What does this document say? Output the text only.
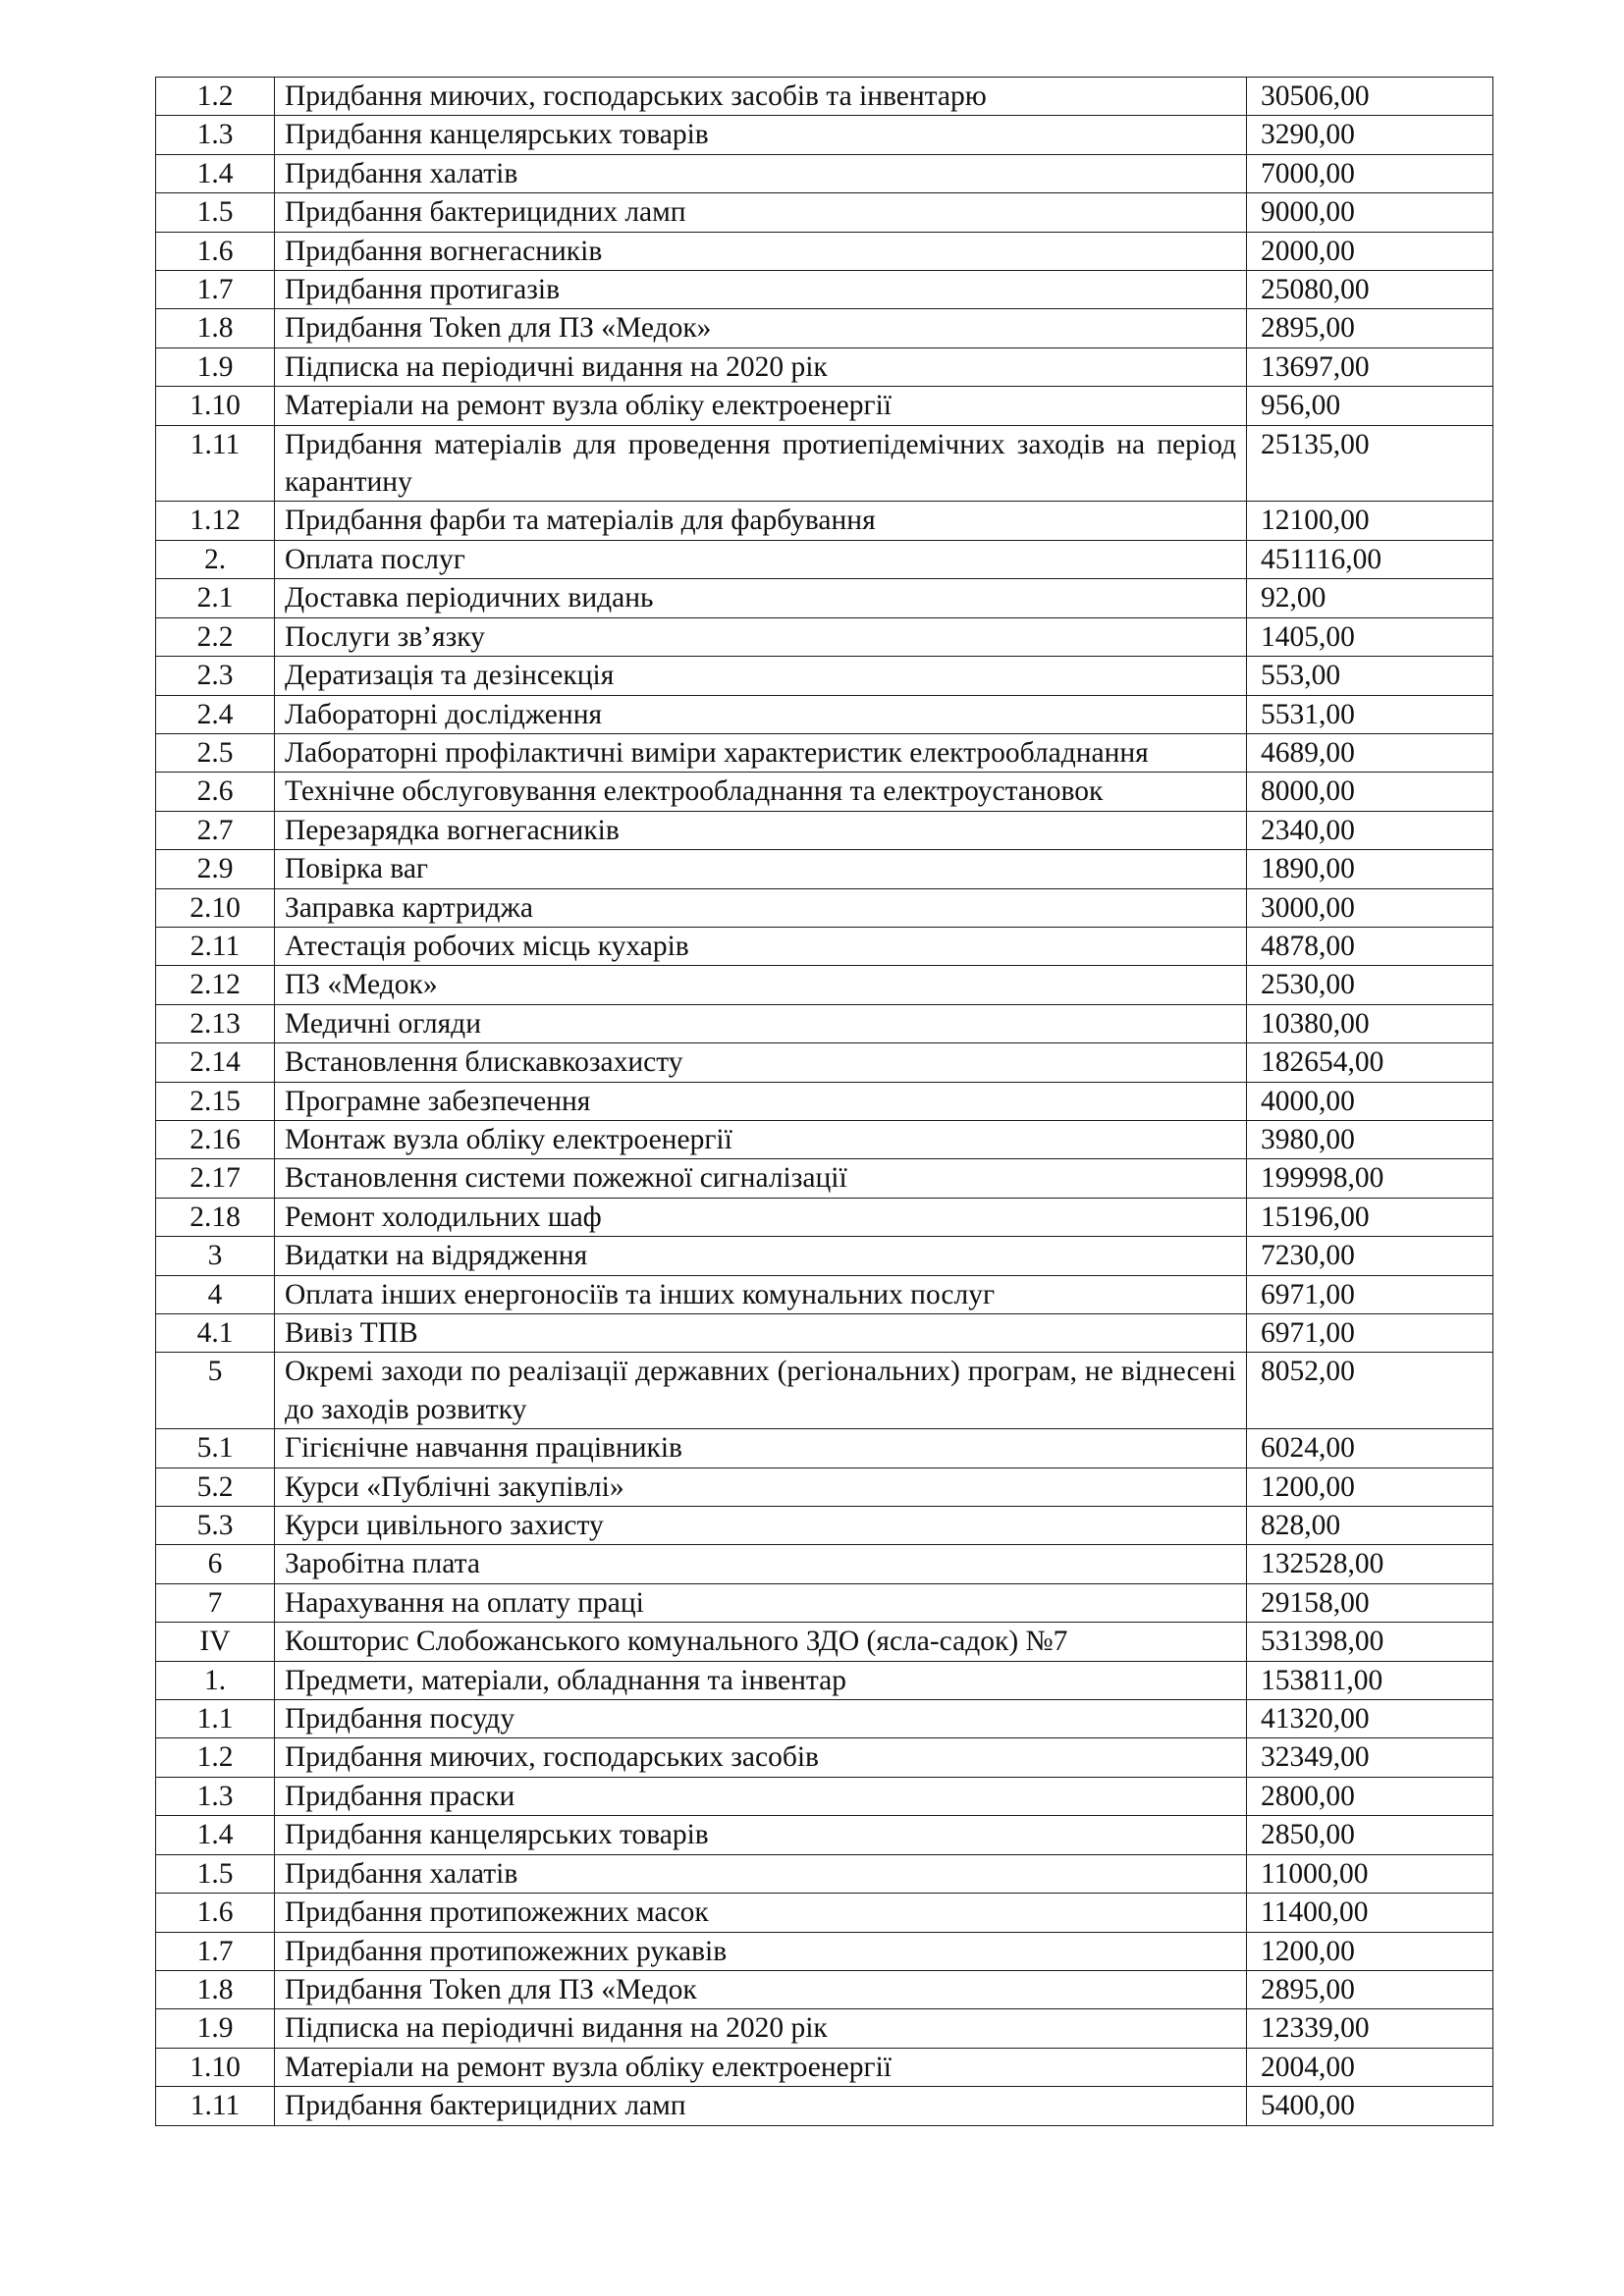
1.2	Придбання миючих, господарських засобів та інвентарю	30506,00
1.3	Придбання канцелярських товарів	3290,00
1.4	Придбання халатів	7000,00
1.5	Придбання бактерицидних ламп	9000,00
1.6	Придбання вогнегасників	2000,00
1.7	Придбання протигазів	25080,00
1.8	Придбання Token для ПЗ «Медок»	2895,00
1.9	Підписка на періодичні видання на 2020 рік	13697,00
1.10	Матеріали на ремонт вузла обліку електроенергії	956,00
1.11	Придбання матеріалів для проведення протиепідемічних заходів на період карантину	25135,00
1.12	Придбання фарби та матеріалів для фарбування	12100,00
2.	Оплата послуг	451116,00
2.1	Доставка періодичних видань	92,00
2.2	Послуги зв’язку	1405,00
2.3	Дератизація та дезінсекція	553,00
2.4	Лабораторні дослідження	5531,00
2.5	Лабораторні профілактичні виміри характеристик електрообладнання	4689,00
2.6	Технічне обслуговування електрообладнання та електроустановок	8000,00
2.7	Перезарядка вогнегасників	2340,00
2.9	Повірка ваг	1890,00
2.10	Заправка картриджа	3000,00
2.11	Атестація робочих місць кухарів	4878,00
2.12	ПЗ «Медок»	2530,00
2.13	Медичні огляди	10380,00
2.14	Встановлення блискавкозахисту	182654,00
2.15	Програмне забезпечення	4000,00
2.16	Монтаж вузла обліку електроенергії	3980,00
2.17	Встановлення системи пожежної сигналізації	199998,00
2.18	Ремонт холодильних шаф	15196,00
3	Видатки на відрядження	7230,00
4	Оплата інших енергоносіїв та інших комунальних послуг	6971,00
4.1	Вивіз ТПВ	6971,00
5	Окремі заходи по реалізації державних (регіональних) програм, не віднесені до заходів розвитку	8052,00
5.1	Гігієнічне навчання працівників	6024,00
5.2	Курси «Публічні закупівлі»	1200,00
5.3	Курси цивільного захисту	828,00
6	Заробітна плата	132528,00
7	Нарахування на оплату праці	29158,00
IV	Кошторис Слобожанського комунального ЗДО (ясла-садок) №7	531398,00
1.	Предмети, матеріали, обладнання та інвентар	153811,00
1.1	Придбання посуду	41320,00
1.2	Придбання миючих, господарських засобів	32349,00
1.3	Придбання праски	2800,00
1.4	Придбання канцелярських товарів	2850,00
1.5	Придбання халатів	11000,00
1.6	Придбання протипожежних масок	11400,00
1.7	Придбання протипожежних рукавів	1200,00
1.8	Придбання Token для ПЗ «Медок	2895,00
1.9	Підписка на періодичні видання на 2020 рік	12339,00
1.10	Матеріали на ремонт вузла обліку електроенергії	2004,00
1.11	Придбання бактерицидних ламп	5400,00
